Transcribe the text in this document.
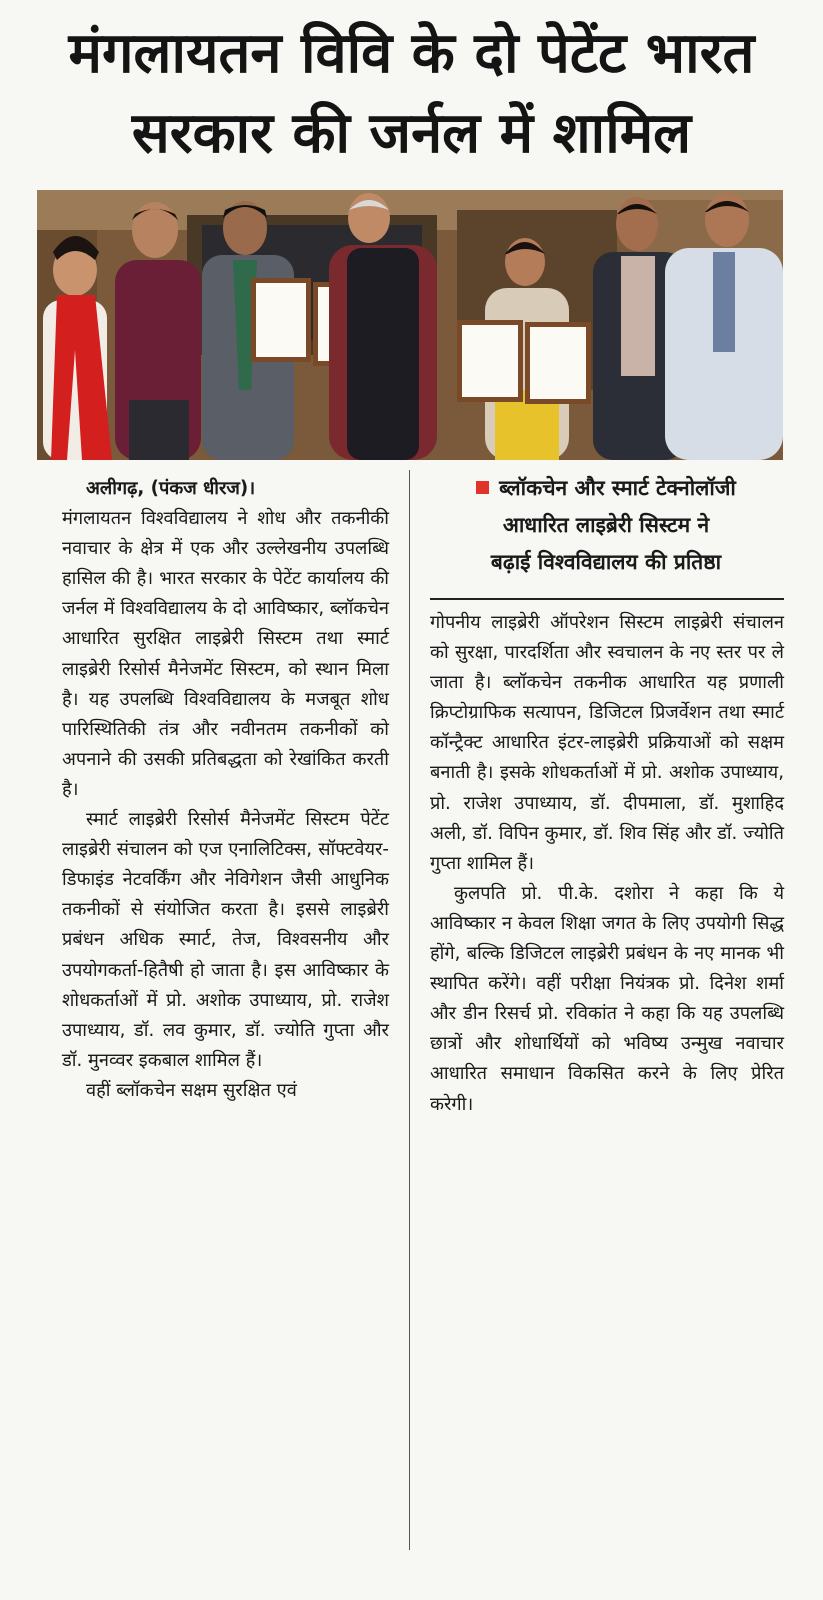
मंगलायतन विवि के दो पेटेंट भारत
सरकार की जर्नल में शामिल

अलीगढ़, (पंकज धीरज)।

मंगलायतन विश्वविद्यालय ने शोध और तकनीकी नवाचार के क्षेत्र में एक और उल्लेखनीय उपलब्धि हासिल की है। भारत सरकार के पेटेंट कार्यालय की जर्नल में विश्वविद्यालय के दो आविष्कार, ब्लॉकचेन आधारित सुरक्षित लाइब्रेरी सिस्टम तथा स्मार्ट लाइब्रेरी रिसोर्स मैनेजमेंट सिस्टम, को स्थान मिला है। यह उपलब्धि विश्वविद्यालय के मजबूत शोध पारिस्थितिकी तंत्र और नवीनतम तकनीकों को अपनाने की उसकी प्रतिबद्धता को रेखांकित करती है।

स्मार्ट लाइब्रेरी रिसोर्स मैनेजमेंट सिस्टम पेटेंट लाइब्रेरी संचालन को एज एनालिटिक्स, सॉफ्टवेयर-डिफाइंड नेटवर्किंग और नेविगेशन जैसी आधुनिक तकनीकों से संयोजित करता है। इससे लाइब्रेरी प्रबंधन अधिक स्मार्ट, तेज, विश्वसनीय और उपयोगकर्ता-हितैषी हो जाता है। इस आविष्कार के शोधकर्ताओं में प्रो. अशोक उपाध्याय, प्रो. राजेश उपाध्याय, डॉ. लव कुमार, डॉ. ज्योति गुप्ता और डॉ. मुनव्वर इकबाल शामिल हैं।

वहीं ब्लॉकचेन सक्षम सुरक्षित एवं

ब्लॉकचेन और स्मार्ट टेक्नोलॉजी
आधारित लाइब्रेरी सिस्टम ने
बढ़ाई विश्वविद्यालय की प्रतिष्ठा

गोपनीय लाइब्रेरी ऑपरेशन सिस्टम लाइब्रेरी संचालन को सुरक्षा, पारदर्शिता और स्वचालन के नए स्तर पर ले जाता है। ब्लॉकचेन तकनीक आधारित यह प्रणाली क्रिप्टोग्राफिक सत्यापन, डिजिटल प्रिजर्वेशन तथा स्मार्ट कॉन्ट्रैक्ट आधारित इंटर-लाइब्रेरी प्रक्रियाओं को सक्षम बनाती है। इसके शोधकर्ताओं में प्रो. अशोक उपाध्याय, प्रो. राजेश उपाध्याय, डॉ. दीपमाला, डॉ. मुशाहिद अली, डॉ. विपिन कुमार, डॉ. शिव सिंह और डॉ. ज्योति गुप्ता शामिल हैं।

कुलपति प्रो. पी.के. दशोरा ने कहा कि ये आविष्कार न केवल शिक्षा जगत के लिए उपयोगी सिद्ध होंगे, बल्कि डिजिटल लाइब्रेरी प्रबंधन के नए मानक भी स्थापित करेंगे। वहीं परीक्षा नियंत्रक प्रो. दिनेश शर्मा और डीन रिसर्च प्रो. रविकांत ने कहा कि यह उपलब्धि छात्रों और शोधार्थियों को भविष्य उन्मुख नवाचार आधारित समाधान विकसित करने के लिए प्रेरित करेगी।
